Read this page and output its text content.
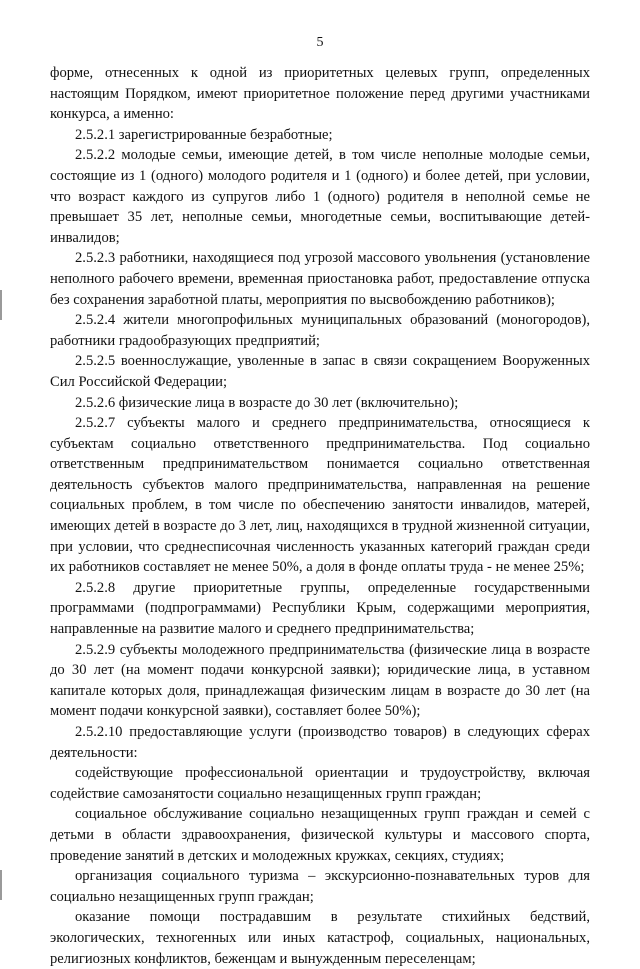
5

форме, отнесенных к одной из приоритетных целевых групп, определенных настоящим Порядком, имеют приоритетное положение перед другими участниками конкурса, а именно:

2.5.2.1 зарегистрированные безработные;

2.5.2.2 молодые семьи, имеющие детей, в том числе неполные молодые семьи, состоящие из 1 (одного) молодого родителя и 1 (одного) и более детей, при условии, что возраст каждого из супругов либо 1 (одного) родителя в неполной семье не превышает 35 лет, неполные семьи, многодетные семьи, воспитывающие детей-инвалидов;

2.5.2.3 работники, находящиеся под угрозой массового увольнения (установление неполного рабочего времени, временная приостановка работ, предоставление отпуска без сохранения заработной платы, мероприятия по высвобождению работников);

2.5.2.4 жители многопрофильных муниципальных образований (моногородов), работники градообразующих предприятий;

2.5.2.5 военнослужащие, уволенные в запас в связи сокращением Вооруженных Сил Российской Федерации;

2.5.2.6 физические лица в возрасте до 30 лет (включительно);

2.5.2.7 субъекты малого и среднего предпринимательства, относящиеся к субъектам социально ответственного предпринимательства. Под социально ответственным предпринимательством понимается социально ответственная деятельность субъектов малого предпринимательства, направленная на решение социальных проблем, в том числе по обеспечению занятости инвалидов, матерей, имеющих детей в возрасте до 3 лет, лиц, находящихся в трудной жизненной ситуации, при условии, что среднесписочная численность указанных категорий граждан среди их работников составляет не менее 50%, а доля в фонде оплаты труда - не менее 25%;

2.5.2.8 другие приоритетные группы, определенные государственными программами (подпрограммами) Республики Крым, содержащими мероприятия, направленные на развитие малого и среднего предпринимательства;

2.5.2.9 субъекты молодежного предпринимательства (физические лица в возрасте до 30 лет (на момент подачи конкурсной заявки); юридические лица, в уставном капитале которых доля, принадлежащая физическим лицам в возрасте до 30 лет (на момент подачи конкурсной заявки), составляет более 50%);

2.5.2.10 предоставляющие услуги (производство товаров) в следующих сферах деятельности:

содействующие профессиональной ориентации и трудоустройству, включая содействие самозанятости социально незащищенных групп граждан;

социальное обслуживание социально незащищенных групп граждан и семей с детьми в области здравоохранения, физической культуры и массового спорта, проведение занятий в детских и молодежных кружках, секциях, студиях;

организация социального туризма – экскурсионно-познавательных туров для социально незащищенных групп граждан;

оказание помощи пострадавшим в результате стихийных бедствий, экологических, техногенных или иных катастроф, социальных, национальных, религиозных конфликтов, беженцам и вынужденным переселенцам;
